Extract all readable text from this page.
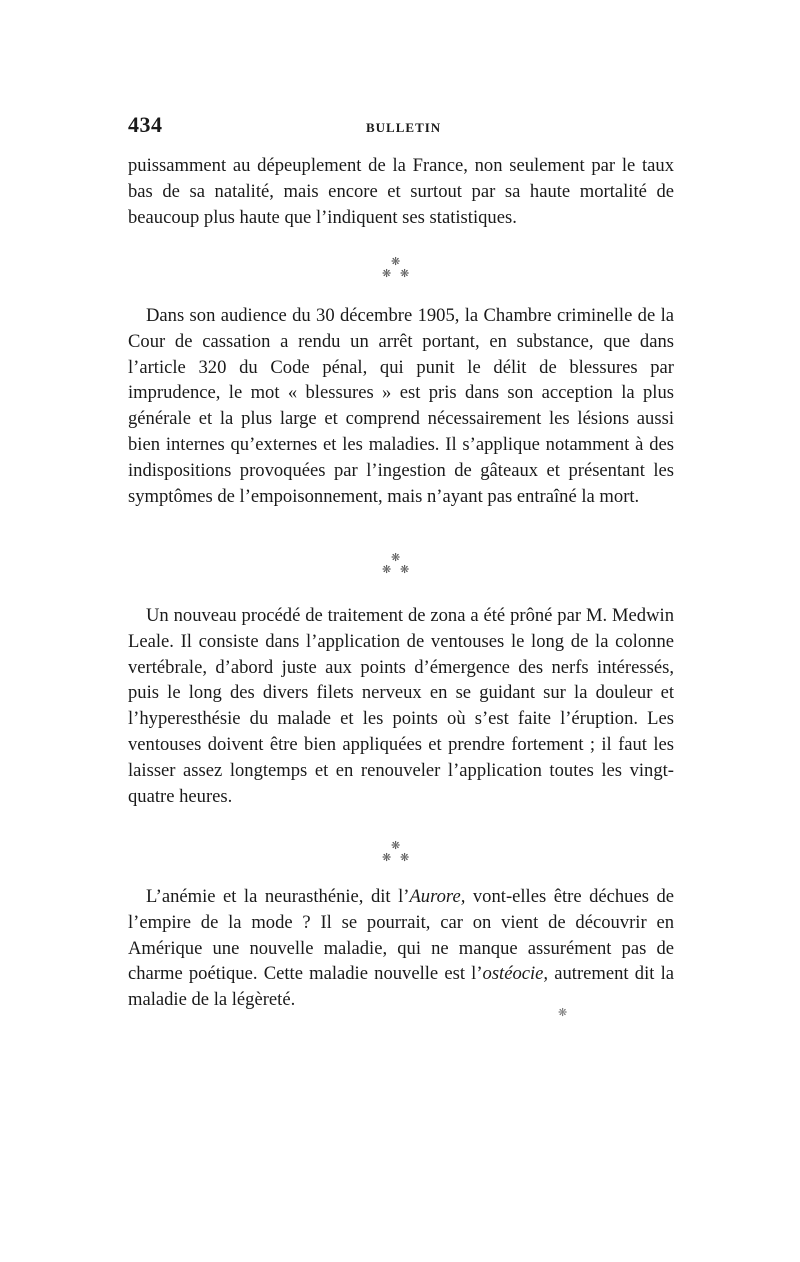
434	BULLETIN

puissamment au dépeuplement de la France, non seulement par le taux bas de sa natalité, mais encore et surtout par sa haute mortalité de beaucoup plus haute que l’indiquent ses statistiques.

❋
❋ ❋

Dans son audience du 30 décembre 1905, la Chambre criminelle de la Cour de cassation a rendu un arrêt portant, en substance, que dans l’article 320 du Code pénal, qui punit le délit de blessures par imprudence, le mot « blessures » est pris dans son acception la plus générale et la plus large et comprend nécessairement les lésions aussi bien internes qu’externes et les maladies. Il s’applique notamment à des indispositions provoquées par l’ingestion de gâteaux et présentant les symptômes de l’empoisonnement, mais n’ayant pas entraîné la mort.

❋
❋ ❋

Un nouveau procédé de traitement de zona a été prôné par M. Medwin Leale. Il consiste dans l’application de ventouses le long de la colonne vertébrale, d’abord juste aux points d’émergence des nerfs intéressés, puis le long des divers filets nerveux en se guidant sur la douleur et l’hyperesthésie du malade et les points où s’est faite l’éruption. Les ventouses doivent être bien appliquées et prendre fortement ; il faut les laisser assez longtemps et en renouveler l’application toutes les vingt-quatre heures.

❋
❋ ❋

L’anémie et la neurasthénie, dit l’Aurore, vont-elles être déchues de l’empire de la mode ? Il se pourrait, car on vient de découvrir en Amérique une nouvelle maladie, qui ne manque assurément pas de charme poétique. Cette maladie nouvelle est l’ostéocie, autrement dit la maladie de la légèreté.

❋
